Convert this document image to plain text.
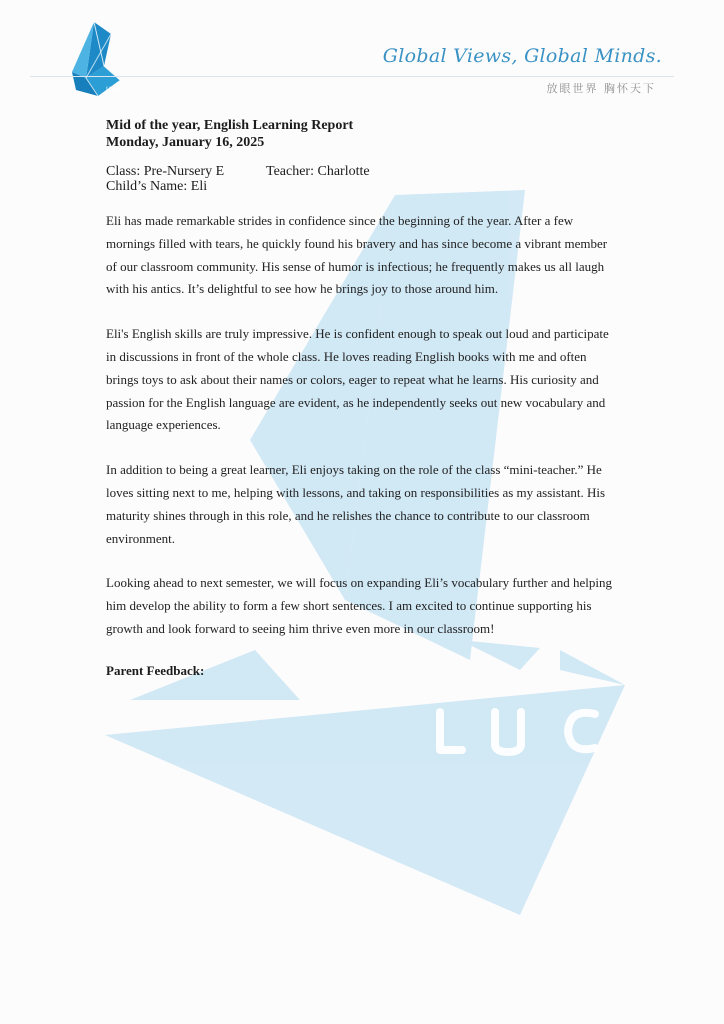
LUC
Global Views, Global Minds.
放眼世界 胸怀天下

Mid of the year, English Learning Report

Monday, January 16, 2025

Class: Pre-Nursery E	Teacher: Charlotte
Child’s Name: Eli

Eli has made remarkable strides in confidence since the beginning of the year. After a few mornings filled with tears, he quickly found his bravery and has since become a vibrant member of our classroom community. His sense of humor is infectious; he frequently makes us all laugh with his antics. It’s delightful to see how he brings joy to those around him.

Eli's English skills are truly impressive. He is confident enough to speak out loud and participate in discussions in front of the whole class. He loves reading English books with me and often brings toys to ask about their names or colors, eager to repeat what he learns. His curiosity and passion for the English language are evident, as he independently seeks out new vocabulary and language experiences.

In addition to being a great learner, Eli enjoys taking on the role of the class “mini-teacher.” He loves sitting next to me, helping with lessons, and taking on responsibilities as my assistant. His maturity shines through in this role, and he relishes the chance to contribute to our classroom environment.

Looking ahead to next semester, we will focus on expanding Eli’s vocabulary further and helping him develop the ability to form a few short sentences. I am excited to continue supporting his growth and look forward to seeing him thrive even more in our classroom!

Parent Feedback:
